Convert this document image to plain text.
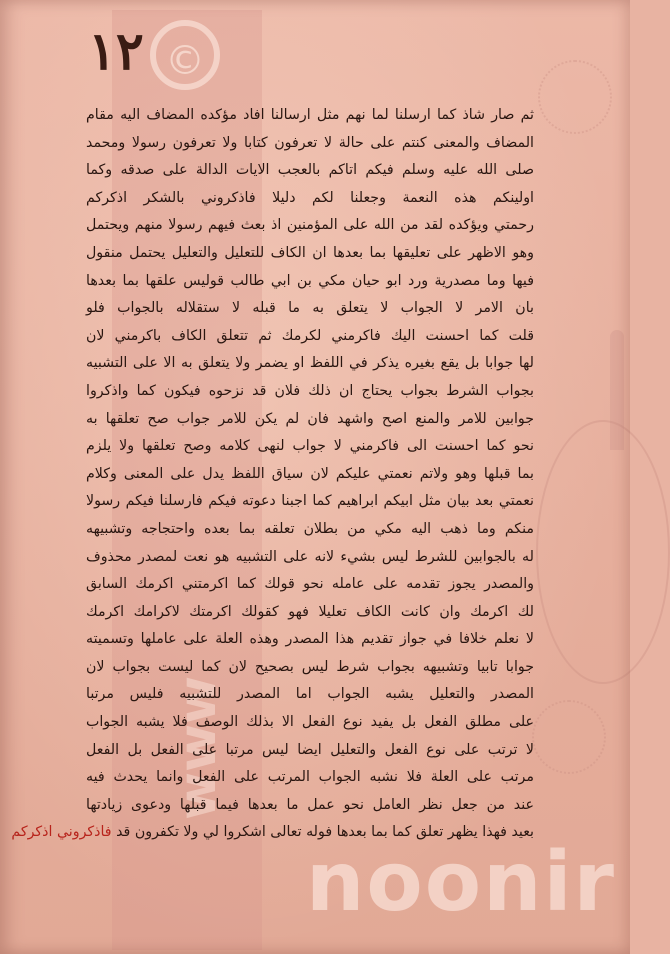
©
www
١٢
ثم صار شاذ كما ارسلنا لما نهم مثل ارسالنا افاد مؤكده المضاف اليه مقام
المضاف والمعنى كنتم على حالة لا تعرفون كتابا ولا تعرفون رسولا ومحمد
صلى الله عليه وسلم فيكم اتاكم بالعجب الايات الدالة على صدقه وكما
اولينكم هذه النعمة وجعلنا لكم دليلا فاذكروني بالشكر اذكركم
رحمتي ويؤكده لقد من الله على المؤمنين اذ بعث فيهم رسولا منهم ويحتمل
وهو الاظهر على تعليقها بما بعدها ان الكاف للتعليل والتعليل يحتمل منقول
فيها وما مصدرية ورد ابو حيان مكي بن ابي طالب قوليس علقها بما بعدها
بان الامر لا الجواب لا يتعلق به ما قبله لا ستقلاله بالجواب فلو
قلت كما احسنت اليك فاكرمني لكرمك ثم تتعلق الكاف باكرمني لان
لها جوابا بل يقع بغيره يذكر في اللفظ او يضمر ولا يتعلق به الا على التشبيه
بجواب الشرط بجواب يحتاج ان ذلك فلان قد نزحوه فيكون كما واذكروا
جوابين للامر والمنع اصح واشهد فان لم يكن للامر جواب صح تعلقها به
نحو كما احسنت الى فاكرمني لا جواب لنهى كلامه وصح تعلقها ولا يلزم
بما قبلها وهو ولاتم نعمتي عليكم لان سياق اللفظ يدل على المعنى وكلام
نعمتي بعد بيان مثل ابيكم ابراهيم كما اجبنا دعوته فيكم فارسلنا فيكم رسولا
منكم وما ذهب اليه مكي من بطلان تعلقه بما بعده واحتجاجه وتشبيهه
له بالجوابين للشرط ليس بشيء لانه على التشبيه هو نعت لمصدر محذوف
والمصدر يجوز تقدمه على عامله نحو قولك كما اكرمتني اكرمك السابق
لك اكرمك وان كانت الكاف تعليلا فهو كقولك اكرمتك لاكرامك اكرمك
لا نعلم خلافا في جواز تقديم هذا المصدر وهذه العلة على عاملها وتسميته
جوابا تابيا وتشبيهه بجواب شرط ليس بصحيح لان كما ليست بجواب لان
المصدر والتعليل يشبه الجواب اما المصدر للتشبيه فليس مرتبا
على مطلق الفعل بل يفيد نوع الفعل الا بذلك الوصف فلا يشبه الجواب
لا ترتب على نوع الفعل والتعليل ايضا ليس مرتبا على الفعل بل الفعل
مرتب على العلة فلا نشبه الجواب المرتب على الفعل وانما يحدث فيه
عند من جعل نظر العامل نحو عمل ما بعدها فيما قبلها ودعوى زيادتها
بعيد فهذا يظهر تعلق كما بما بعدها فوله تعالى اشكروا لي ولا تكفرون قد فاذكروني اذكركم
noonir
